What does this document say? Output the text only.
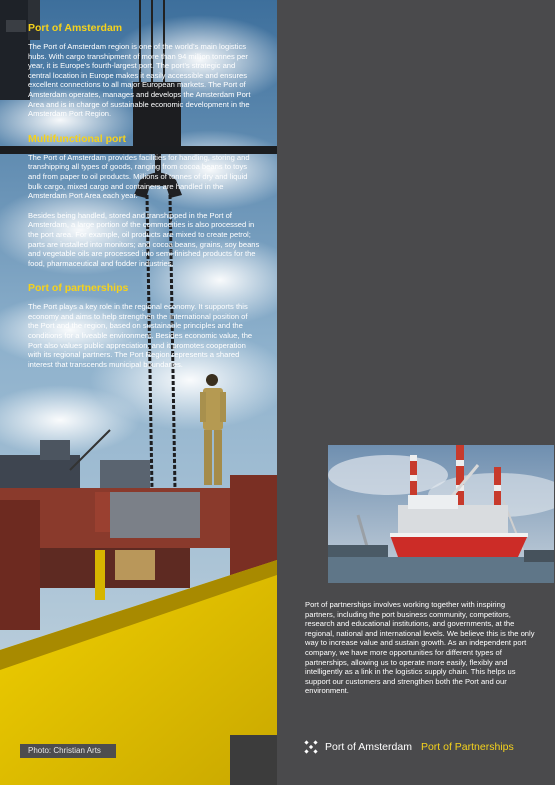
Photo: Christian Arts
Port of Amsterdam

The Port of Amsterdam region is one of the world’s main logistics hubs. With cargo transhipment of more than 94 million tonnes per year, it is Europe’s fourth-largest port. The port’s strategic and central location in Europe makes it easily accessible and ensures excellent connections to all major European markets. The Port of Amsterdam operates, manages and develops the Amsterdam Port Area and is in charge of sustainable economic development in the Amsterdam Port Region.

Multifunctional port

The Port of Amsterdam provides facilities for handling, storing and transhipping all types of goods, ranging from cocoa beans to toys and from paper to oil products. Millions of tonnes of dry and liquid bulk cargo, mixed cargo and containers are handled in the Amsterdam Port Area each year.

Besides being handled, stored and transhipped in the Port of Amsterdam, a large portion of the commodities is also processed in the port area. For example, oil products are mixed to create petrol; parts are installed into monitors; and cocoa beans, grains, soy beans and vegetable oils are processed into semi-finished products for the food, pharmaceutical and fodder industries.

Port of partnerships

The Port plays a key role in the regional economy. It supports this economy and aims to help strengthen the international position of the Port and the region, based on sustainable principles and the conditions for a liveable environment. Besides economic value, the Port also values public appreciation, and it promotes cooperation with its regional partners. The Port Region represents a shared interest that transcends municipal boundaries.

Port of partnerships involves working together with inspiring partners, including the port business community, competitors, research and educational institutions, and governments, at the regional, national and international levels. We believe this is the only way to increase value and sustain growth. As an independent port company, we have more opportunities for different types of partnerships, allowing us to operate more easily, flexibly and intelligently as a link in the logistics supply chain. This helps us support our customers and strengthen both the Port and our environment.

Port of Amsterdam Port of Partnerships
